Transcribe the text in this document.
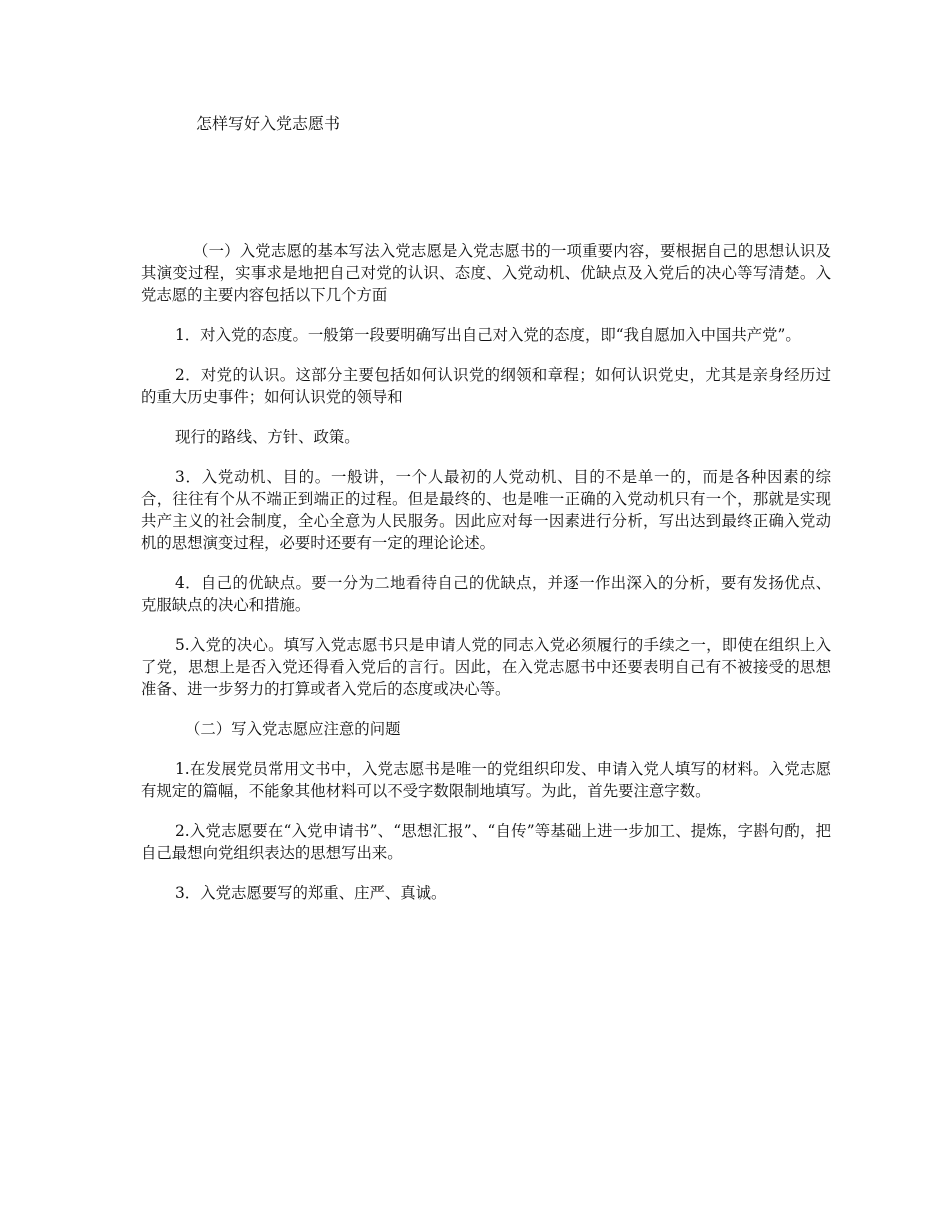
怎样写好入党志愿书

（一）入党志愿的基本写法入党志愿是入党志愿书的一项重要内容，要根据自己的思想认识及其演变过程，实事求是地把自己对党的认识、态度、入党动机、优缺点及入党后的决心等写清楚。入党志愿的主要内容包括以下几个方面

1．对入党的态度。一般第一段要明确写出自己对入党的态度，即“我自愿加入中国共产党”。

2．对党的认识。这部分主要包括如何认识党的纲领和章程；如何认识党史，尤其是亲身经历过的重大历史事件；如何认识党的领导和

现行的路线、方针、政策。

3．入党动机、目的。一般讲，一个人最初的人党动机、目的不是单一的，而是各种因素的综合，往往有个从不端正到端正的过程。但是最终的、也是唯一正确的入党动机只有一个，那就是实现共产主义的社会制度，全心全意为人民服务。因此应对每一因素进行分析，写出达到最终正确入党动机的思想演变过程，必要时还要有一定的理论论述。

4．自己的优缺点。要一分为二地看待自己的优缺点，并逐一作出深入的分析，要有发扬优点、克服缺点的决心和措施。

5.入党的决心。填写入党志愿书只是申请人党的同志入党必须履行的手续之一，即使在组织上入了党，思想上是否入党还得看入党后的言行。因此，在入党志愿书中还要表明自己有不被接受的思想准备、进一步努力的打算或者入党后的态度或决心等。

（二）写入党志愿应注意的问题

1.在发展党员常用文书中，入党志愿书是唯一的党组织印发、申请入党人填写的材料。入党志愿有规定的篇幅，不能象其他材料可以不受字数限制地填写。为此，首先要注意字数。

2.入党志愿要在“入党申请书”、“思想汇报”、“自传”等基础上进一步加工、提炼，字斟句酌，把自己最想向党组织表达的思想写出来。

3．入党志愿要写的郑重、庄严、真诚。
